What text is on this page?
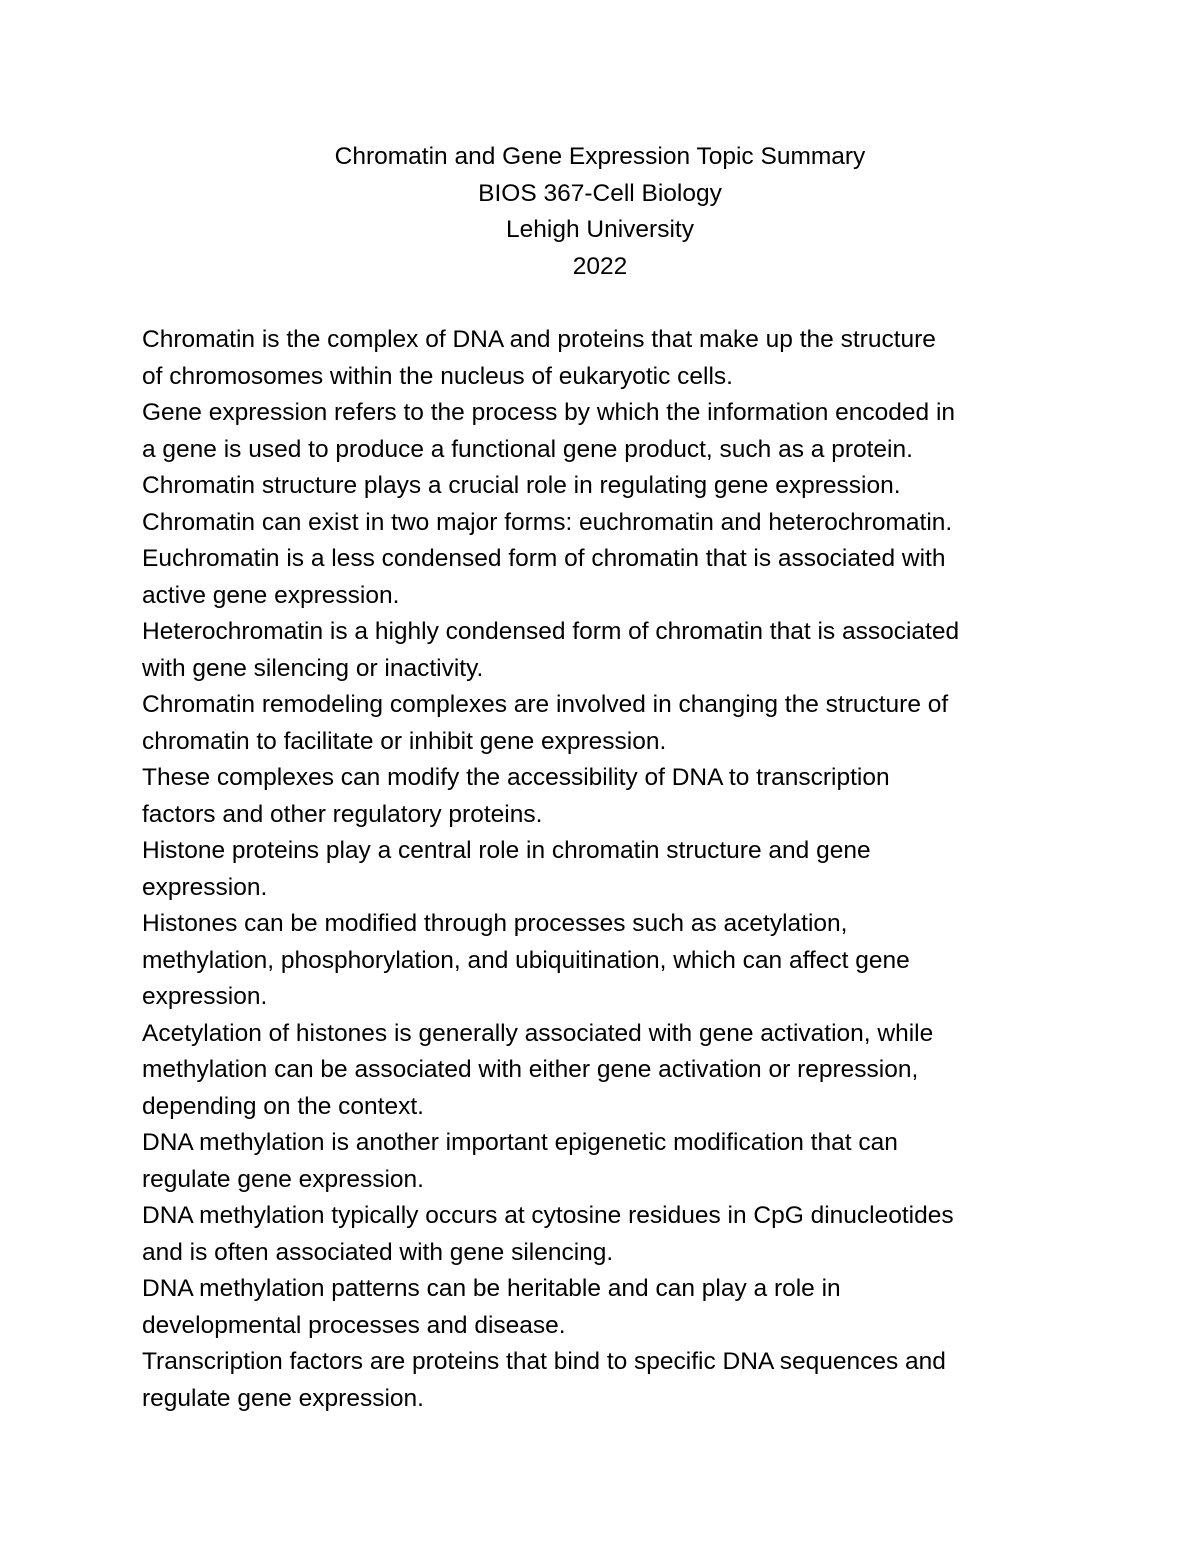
Chromatin and Gene Expression Topic Summary
BIOS 367-Cell Biology
Lehigh University
2022
Chromatin is the complex of DNA and proteins that make up the structure
of chromosomes within the nucleus of eukaryotic cells.
Gene expression refers to the process by which the information encoded in
a gene is used to produce a functional gene product, such as a protein.
Chromatin structure plays a crucial role in regulating gene expression.
Chromatin can exist in two major forms: euchromatin and heterochromatin.
Euchromatin is a less condensed form of chromatin that is associated with
active gene expression.
Heterochromatin is a highly condensed form of chromatin that is associated
with gene silencing or inactivity.
Chromatin remodeling complexes are involved in changing the structure of
chromatin to facilitate or inhibit gene expression.
These complexes can modify the accessibility of DNA to transcription
factors and other regulatory proteins.
Histone proteins play a central role in chromatin structure and gene
expression.
Histones can be modified through processes such as acetylation,
methylation, phosphorylation, and ubiquitination, which can affect gene
expression.
Acetylation of histones is generally associated with gene activation, while
methylation can be associated with either gene activation or repression,
depending on the context.
DNA methylation is another important epigenetic modification that can
regulate gene expression.
DNA methylation typically occurs at cytosine residues in CpG dinucleotides
and is often associated with gene silencing.
DNA methylation patterns can be heritable and can play a role in
developmental processes and disease.
Transcription factors are proteins that bind to specific DNA sequences and
regulate gene expression.
